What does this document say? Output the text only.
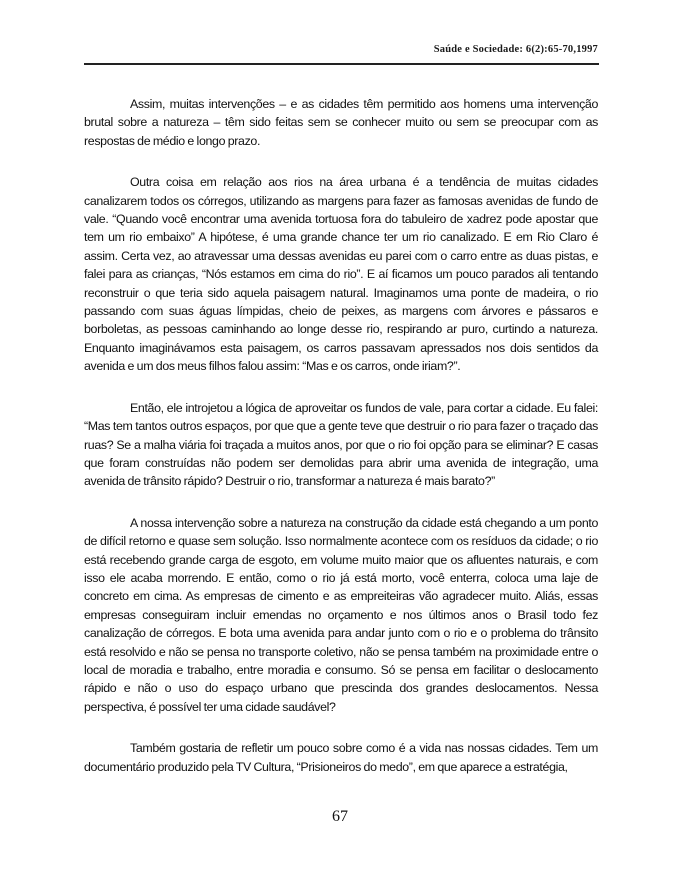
Saúde e Sociedade: 6(2):65-70,1997

Assim, muitas intervenções – e as cidades têm permitido aos homens uma intervenção brutal sobre a natureza – têm sido feitas sem se conhecer muito ou sem se preocupar com as respostas de médio e longo prazo.

Outra coisa em relação aos rios na área urbana é a tendência de muitas cidades canalizarem todos os córregos, utilizando as margens para fazer as famosas avenidas de fundo de vale. “Quando você encontrar uma avenida tortuosa fora do tabuleiro de xadrez pode apostar que tem um rio embaixo” A hipótese, é uma grande chance ter um rio canalizado. E em Rio Claro é assim. Certa vez, ao atravessar uma dessas avenidas eu parei com o carro entre as duas pistas, e falei para as crianças, “Nós estamos em cima do rio”. E aí ficamos um pouco parados ali tentando reconstruir o que teria sido aquela paisagem natural. Imaginamos uma ponte de madeira, o rio passando com suas águas límpidas, cheio de peixes, as margens com árvores e pássaros e borboletas, as pessoas caminhando ao longe desse rio, respirando ar puro, curtindo a natureza. Enquanto imaginávamos esta paisagem, os carros passavam apressados nos dois sentidos da avenida e um dos meus filhos falou assim: “Mas e os carros, onde iriam?”.

Então, ele introjetou a lógica de aproveitar os fundos de vale, para cortar a cidade. Eu falei: “Mas tem tantos outros espaços, por que que a gente teve que destruir o rio para fazer o traçado das ruas? Se a malha viária foi traçada a muitos anos, por que o rio foi opção para se eliminar? E casas que foram construídas não podem ser demolidas para abrir uma avenida de integração, uma avenida de trânsito rápido? Destruir o rio, transformar a natureza é mais barato?”

A nossa intervenção sobre a natureza na construção da cidade está chegando a um ponto de difícil retorno e quase sem solução. Isso normalmente acontece com os resíduos da cidade; o rio está recebendo grande carga de esgoto, em volume muito maior que os afluentes naturais, e com isso ele acaba morrendo. E então, como o rio já está morto, você enterra, coloca uma laje de concreto em cima. As empresas de cimento e as empreiteiras vão agradecer muito. Aliás, essas empresas conseguiram incluir emendas no orçamento e nos últimos anos o Brasil todo fez canalização de córregos. E bota uma avenida para andar junto com o rio e o problema do trânsito está resolvido e não se pensa no transporte coletivo, não se pensa também na proximidade entre o local de moradia e trabalho, entre moradia e consumo. Só se pensa em facilitar o deslocamento rápido e não o uso do espaço urbano que prescinda dos grandes deslocamentos. Nessa perspectiva, é possível ter uma cidade saudável?

Também gostaria de refletir um pouco sobre como é a vida nas nossas cidades. Tem um documentário produzido pela TV Cultura, “Prisioneiros do medo”, em que aparece a estratégia,

67
